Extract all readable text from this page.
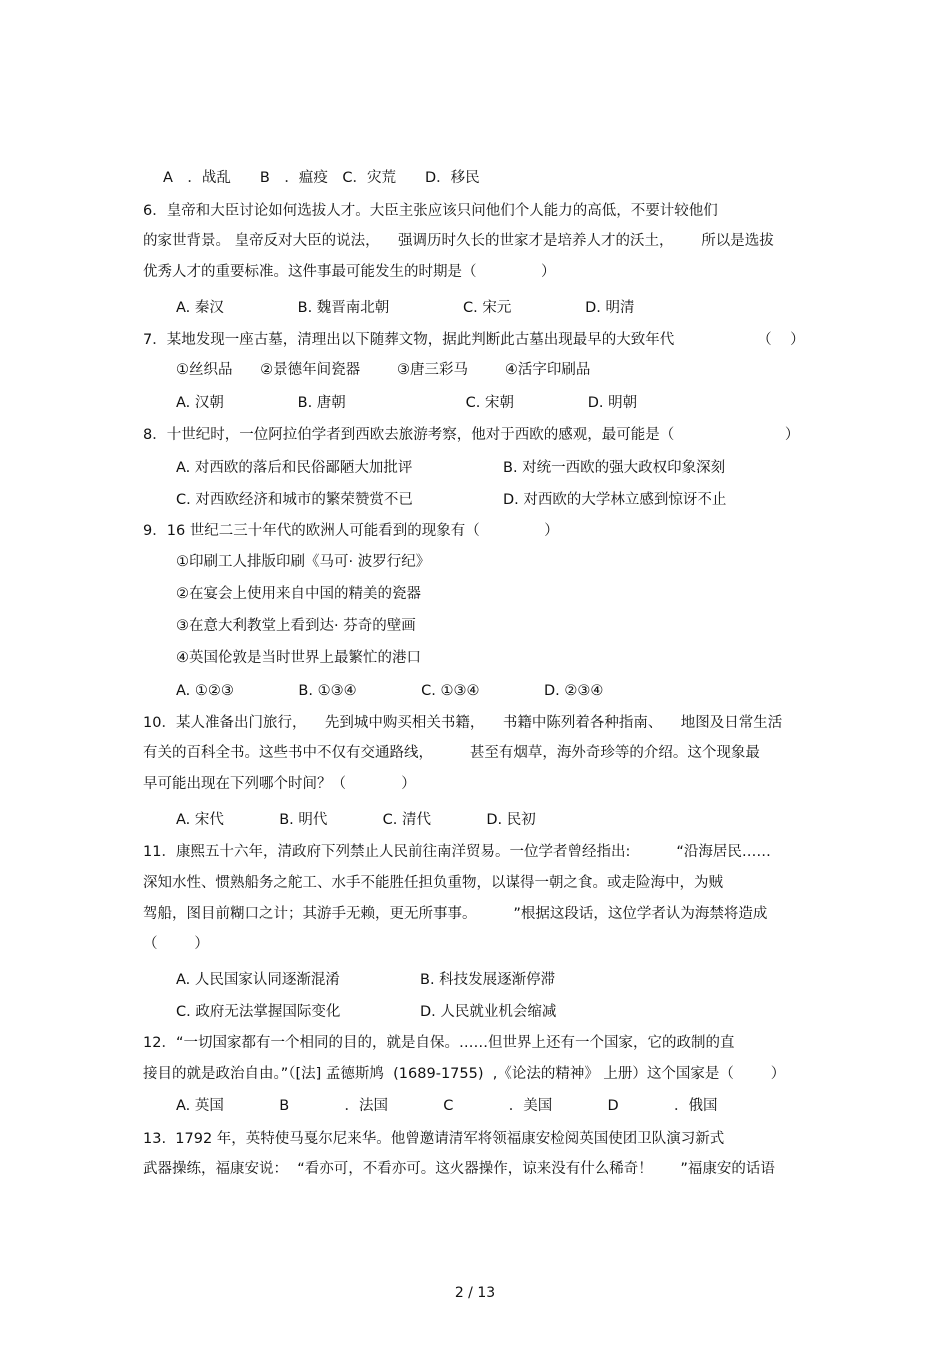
A　．战乱　　B　．瘟疫　C．灾荒　　D．移民
6．皇帝和大臣讨论如何选拔人才。大臣主张应该只问他们个人能力的高低，不要计较他们
的家世背景。 皇帝反对大臣的说法，    强调历时久长的世家才是培养人才的沃土，      所以是选拔
优秀人才的重要标准。这件事最可能发生的时期是（              ）
A. 秦汉                B. 魏晋南北朝                C. 宋元                D. 明清
7．某地发现一座古墓，清理出以下随葬文物，据此判断此古墓出现最早的大致年代                  （    ）
①丝织品      ②景德年间瓷器        ③唐三彩马        ④活字印刷品
A. 汉朝                B. 唐朝                          C. 宋朝                D. 明朝
8．十世纪时，一位阿拉伯学者到西欧去旅游考察，他对于西欧的感观，最可能是（                        ）
A. 对西欧的落后和民俗鄙陋大加批评	B. 对统一西欧的强大政权印象深刻
C. 对西欧经济和城市的繁荣赞赏不已	D. 对西欧的大学林立感到惊讶不止
9．16 世纪二三十年代的欧洲人可能看到的现象有（              ）
①印刷工人排版印刷《马可· 波罗行纪》
②在宴会上使用来自中国的精美的瓷器
③在意大利教堂上看到达· 芬奇的壁画
④英国伦敦是当时世界上最繁忙的港口
A. ①②③              B. ①③④              C. ①③④              D. ②③④
10．某人准备出门旅行，    先到城中购买相关书籍，    书籍中陈列着各种指南、    地图及日常生活
有关的百科全书。这些书中不仅有交通路线，        甚至有烟草，海外奇珍等的介绍。这个现象最
早可能出现在下列哪个时间？（            ）
A. 宋代            B. 明代            C. 清代            D. 民初
11．康熙五十六年，清政府下列禁止人民前往南洋贸易。一位学者曾经指出:          “沿海居民……
深知水性、惯熟船务之舵工、水手不能胜任担负重物，以谋得一朝之食。或走险海中，为贼
驾船，图目前糊口之计；其游手无赖，更无所事事。        ”根据这段话，这位学者认为海禁将造成
（        ）
A. 人民国家认同逐渐混淆	B. 科技发展逐渐停滞
C. 政府无法掌握国际变化	D. 人民就业机会缩减
12．“一切国家都有一个相同的目的，就是自保。……但世界上还有一个国家，它的政制的直
接目的就是政治自由。”（[法] 孟德斯鸠  (1689-1755)  ,《论法的精神》 上册）这个国家是（        ）
A. 英国            B            ．法国            C            ．美国            D            ．俄国
13.  1792 年，英特使马戛尔尼来华。他曾邀请清军将领福康安检阅英国使团卫队演习新式
武器操练，福康安说：  “看亦可，不看亦可。这火器操作，谅来没有什么稀奇！      ”福康安的话语
2 / 13
